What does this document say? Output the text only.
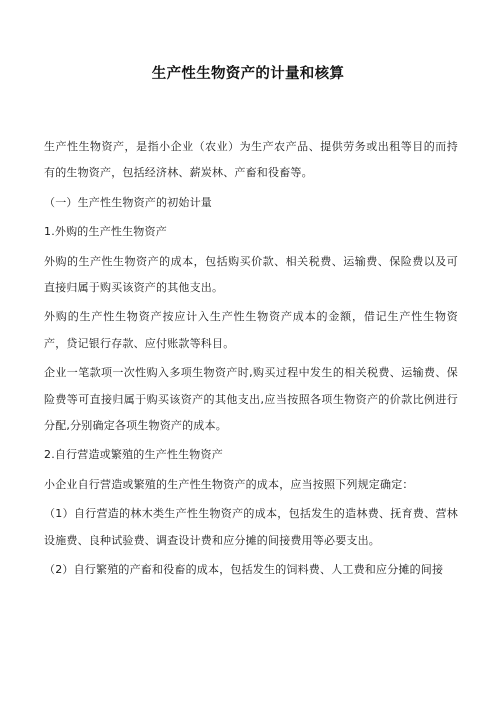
生产性生物资产的计量和核算

生产性生物资产，是指小企业（农业）为生产农产品、提供劳务或出租等目的而持有的生物资产，包括经济林、薪炭林、产畜和役畜等。

（一）生产性生物资产的初始计量

1.外购的生产性生物资产

外购的生产性生物资产的成本，包括购买价款、相关税费、运输费、保险费以及可直接归属于购买该资产的其他支出。

外购的生产性生物资产按应计入生产性生物资产成本的金额，借记生产性生物资产，贷记银行存款、应付账款等科目。

企业一笔款项一次性购入多项生物资产时,购买过程中发生的相关税费、运输费、保险费等可直接归属于购买该资产的其他支出,应当按照各项生物资产的价款比例进行分配,分别确定各项生物资产的成本。

2.自行营造或繁殖的生产性生物资产

小企业自行营造或繁殖的生产性生物资产的成本，应当按照下列规定确定：

（1）自行营造的林木类生产性生物资产的成本，包括发生的造林费、抚育费、营林设施费、良种试验费、调查设计费和应分摊的间接费用等必要支出。

（2）自行繁殖的产畜和役畜的成本，包括发生的饲料费、人工费和应分摊的间接
